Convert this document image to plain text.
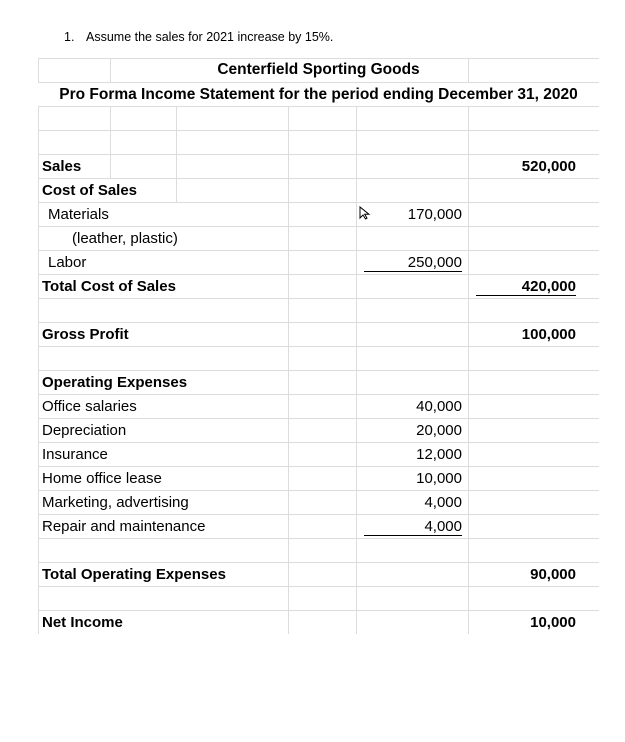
1. Assume the sales for 2021 increase by 15%.
Centerfield Sporting Goods
Pro Forma Income Statement for the period ending December 31, 2020
Sales	520,000
Cost of Sales
Materials	170,000
(leather, plastic)
Labor	250,000
Total Cost of Sales	420,000
Gross Profit	100,000
Operating Expenses
Office salaries	40,000
Depreciation	20,000
Insurance	12,000
Home office lease	10,000
Marketing, advertising	4,000
Repair and maintenance	4,000
Total Operating Expenses	90,000
Net Income	10,000
